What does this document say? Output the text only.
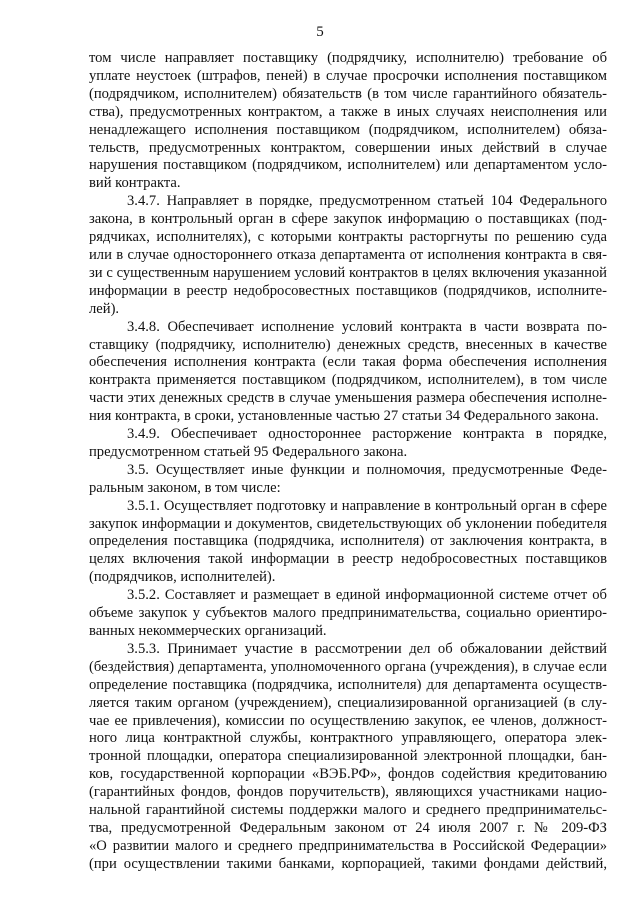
5
том числе направляет поставщику (подрядчику, исполнителю) требование об
уплате неустоек (штрафов, пеней) в случае просрочки исполнения поставщиком
(подрядчиком, исполнителем) обязательств (в том числе гарантийного обязатель-
ства), предусмотренных контрактом, а также в иных случаях неисполнения или
ненадлежащего исполнения поставщиком (подрядчиком, исполнителем) обяза-
тельств, предусмотренных контрактом, совершении иных действий в случае
нарушения поставщиком (подрядчиком, исполнителем) или департаментом усло-
вий контракта.
3.4.7. Направляет в порядке, предусмотренном статьей 104 Федерального
закона, в контрольный орган в сфере закупок информацию о поставщиках (под-
рядчиках, исполнителях), с которыми контракты расторгнуты по решению суда
или в случае одностороннего отказа департамента от исполнения контракта в свя-
зи с существенным нарушением условий контрактов в целях включения указанной
информации в реестр недобросовестных поставщиков (подрядчиков, исполните-
лей).
3.4.8. Обеспечивает исполнение условий контракта в части возврата по-
ставщику (подрядчику, исполнителю) денежных средств, внесенных в качестве
обеспечения исполнения контракта (если такая форма обеспечения исполнения
контракта применяется поставщиком (подрядчиком, исполнителем), в том числе
части этих денежных средств в случае уменьшения размера обеспечения исполне-
ния контракта, в сроки, установленные частью 27 статьи 34 Федерального закона.
3.4.9. Обеспечивает одностороннее расторжение контракта в порядке,
предусмотренном статьей 95 Федерального закона.
3.5. Осуществляет иные функции и полномочия, предусмотренные Феде-
ральным законом, в том числе:
3.5.1. Осуществляет подготовку и направление в контрольный орган в сфере
закупок информации и документов, свидетельствующих об уклонении победителя
определения поставщика (подрядчика, исполнителя) от заключения контракта, в
целях включения такой информации в реестр недобросовестных поставщиков
(подрядчиков, исполнителей).
3.5.2. Составляет и размещает в единой информационной системе отчет об
объеме закупок у субъектов малого предпринимательства, социально ориентиро-
ванных некоммерческих организаций.
3.5.3. Принимает участие в рассмотрении дел об обжаловании действий
(бездействия) департамента, уполномоченного органа (учреждения), в случае если
определение поставщика (подрядчика, исполнителя) для департамента осуществ-
ляется таким органом (учреждением), специализированной организацией (в слу-
чае ее привлечения), комиссии по осуществлению закупок, ее членов, должност-
ного лица контрактной службы, контрактного управляющего, оператора элек-
тронной площадки, оператора специализированной электронной площадки, бан-
ков, государственной корпорации «ВЭБ.РФ», фондов содействия кредитованию
(гарантийных фондов, фондов поручительств), являющихся участниками нацио-
нальной гарантийной системы поддержки малого и среднего предпринимательс-
тва, предусмотренной Федеральным законом от 24 июля 2007 г. № 209-ФЗ
«О развитии малого и среднего предпринимательства в Российской Федерации»
(при осуществлении такими банками, корпорацией, такими фондами действий,
